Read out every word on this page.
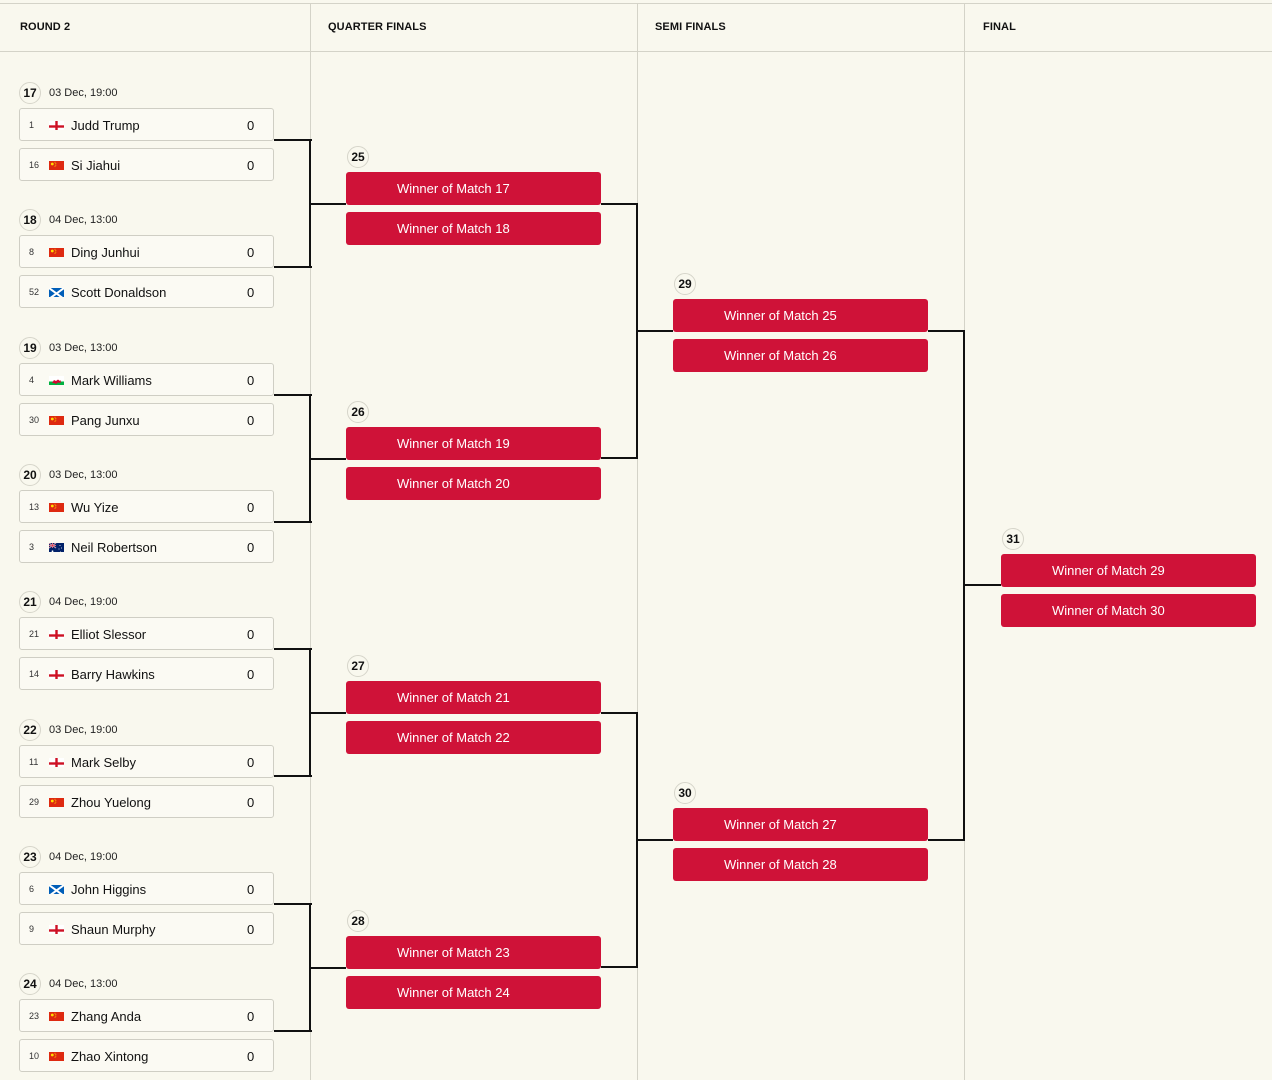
ROUND 2	QUARTER FINALS	SEMI FINALS	FINAL
17	03 Dec, 19:00
1	Judd Trump	0
16 Si Jiahui	0
18	04 Dec, 13:00
8	Ding Junhui	0
52 Scott Donaldson	0
19	03 Dec, 13:00
4	Mark Williams	0
30 Pang Junxu	0
20	03 Dec, 13:00
13 Wu Yize	0
3	Neil Robertson	0
21	04 Dec, 19:00
21 Elliot Slessor	0
14 Barry Hawkins	0
22	03 Dec, 19:00
11	Mark Selby	0
29 Zhou Yuelong	0
23	04 Dec, 19:00
6	John Higgins	0
9	Shaun Murphy	0
24	04 Dec, 13:00
23 Zhang Anda	0
10 Zhao Xintong	0
25
Winner of Match 17
Winner of Match 18
26
Winner of Match 19
Winner of Match 20
27
Winner of Match 21
Winner of Match 22
28
Winner of Match 23
Winner of Match 24
29
Winner of Match 25
Winner of Match 26
30
Winner of Match 27
Winner of Match 28
31
Winner of Match 29
Winner of Match 30
